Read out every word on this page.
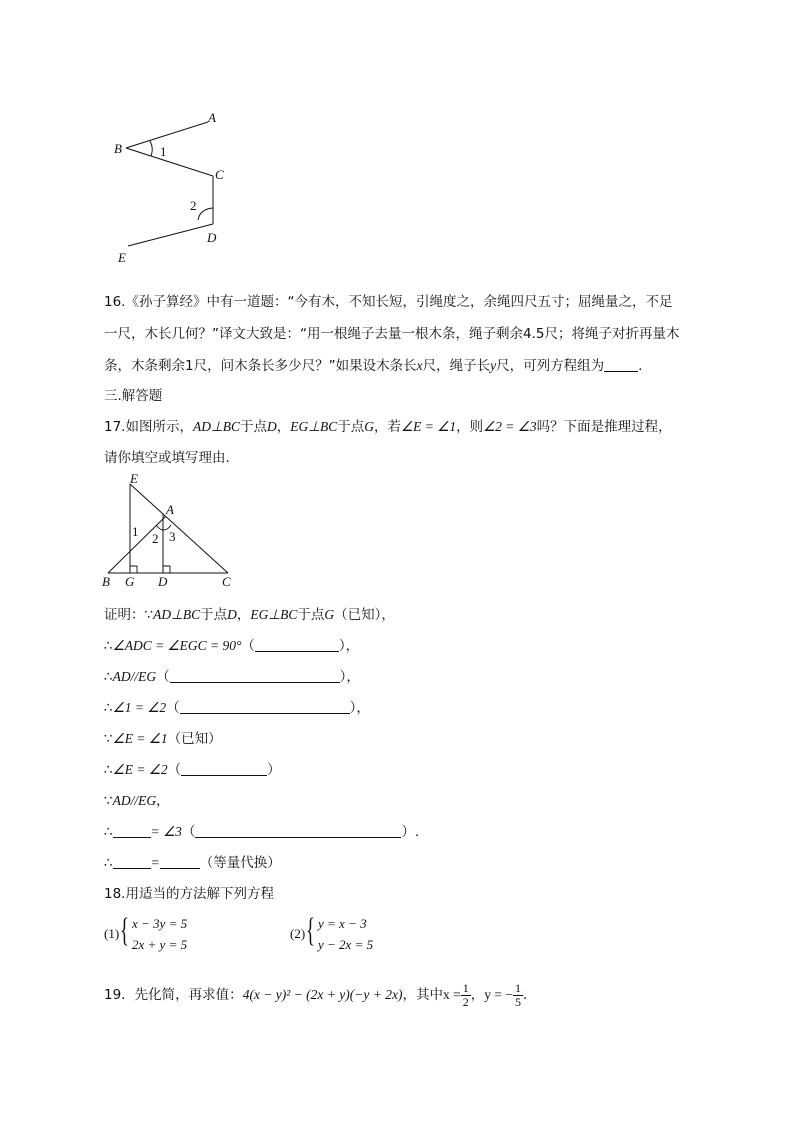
A
B
C
D
E
1
2
16.《孙子算经》中有一道题：“今有木，不知长短，引绳度之，余绳四尺五寸；屈绳量之，不足
一尺，木长几何？”译文大致是：“用一根绳子去量一根木条，绳子剩余4.5尺；将绳子对折再量木
条，木条剩余1尺，问木条长多少尺？”如果设木条长x尺，绳子长y尺，可列方程组为	.
三.解答题
17.如图所示，AD⊥BC于点D，EG⊥BC于点G，若∠E = ∠1，则∠2 = ∠3吗？下面是推理过程，
请你填空或填写理由．
E
A
B G D	C
1 2 3
证明：∵AD⊥BC于点D，EG⊥BC于点G（已知），
∴∠ADC = ∠EGC = 90°（	），
∴AD//EG（	），
∴∠1 = ∠2（	），
∵∠E = ∠1（已知）
∴∠E = ∠2（	）
∵AD//EG，
∴	= ∠3（	）.
∴	=	（等量代换）
18.用适当的方法解下列方程
(1) { x − 3y = 5
2x + y = 5
(2) { y = x − 3
y − 2x = 5
19．先化简，再求值：4(x − y)² − (2x + y)(−y + 2x)，其中$x = \frac{1}{2}$ ，y = − $\frac{1}{5}$ .
